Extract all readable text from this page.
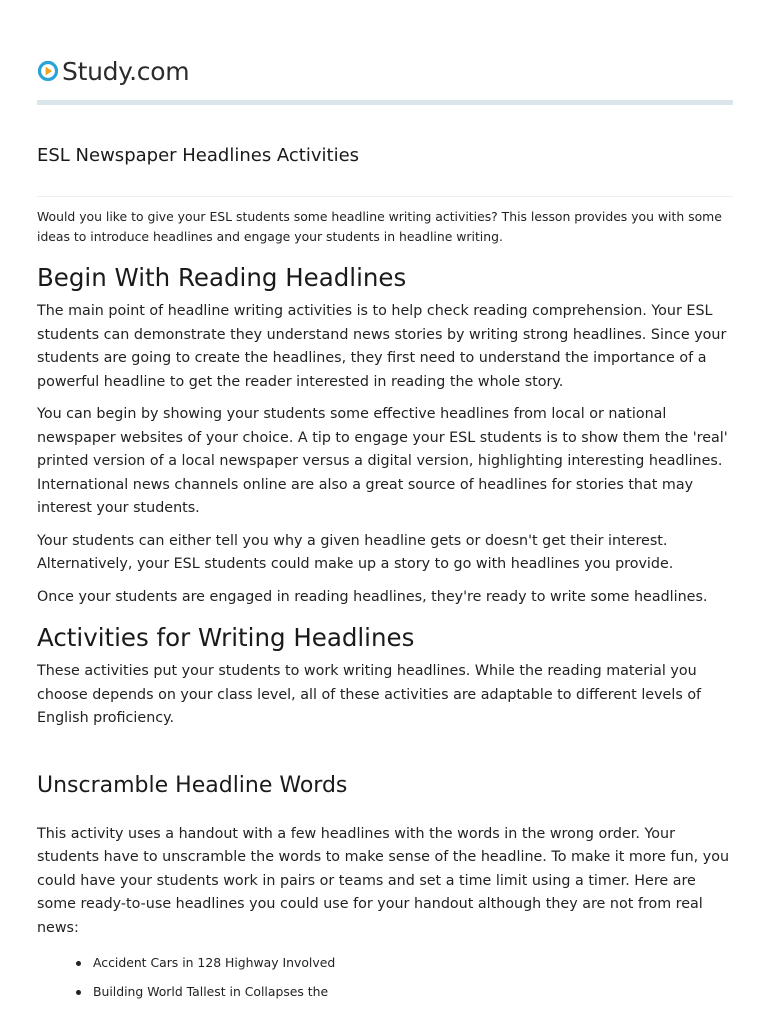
Study.com
ESL Newspaper Headlines Activities

Would you like to give your ESL students some headline writing activities? This lesson provides you with some ideas to introduce headlines and engage your students in headline writing.

Begin With Reading Headlines

The main point of headline writing activities is to help check reading comprehension. Your ESL students can demonstrate they understand news stories by writing strong headlines. Since your students are going to create the headlines, they first need to understand the importance of a powerful headline to get the reader interested in reading the whole story.

You can begin by showing your students some effective headlines from local or national newspaper websites of your choice. A tip to engage your ESL students is to show them the 'real' printed version of a local newspaper versus a digital version, highlighting interesting headlines. International news channels online are also a great source of headlines for stories that may interest your students.

Your students can either tell you why a given headline gets or doesn't get their interest. Alternatively, your ESL students could make up a story to go with headlines you provide.

Once your students are engaged in reading headlines, they're ready to write some headlines.

Activities for Writing Headlines

These activities put your students to work writing headlines. While the reading material you choose depends on your class level, all of these activities are adaptable to different levels of English proficiency.

Unscramble Headline Words

This activity uses a handout with a few headlines with the words in the wrong order. Your students have to unscramble the words to make sense of the headline. To make it more fun, you could have your students work in pairs or teams and set a time limit using a timer. Here are some ready-to-use headlines you could use for your handout although they are not from real news:

Accident Cars in 128 Highway Involved
Building World Tallest in Collapses the
